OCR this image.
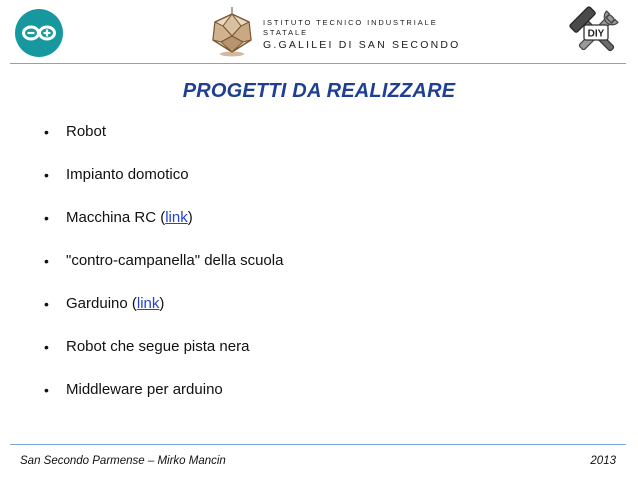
ISTITUTO TECNICO INDUSTRIALE STATALE
G.GALILEI DI SAN SECONDO
DIY
PROGETTI DA REALIZZARE
• Robot
• Impianto domotico
• Macchina RC (link)
• "contro-campanella" della scuola
• Garduino (link)
• Robot che segue pista nera
• Middleware per arduino
San Secondo Parmense – Mirko Mancin	2013
